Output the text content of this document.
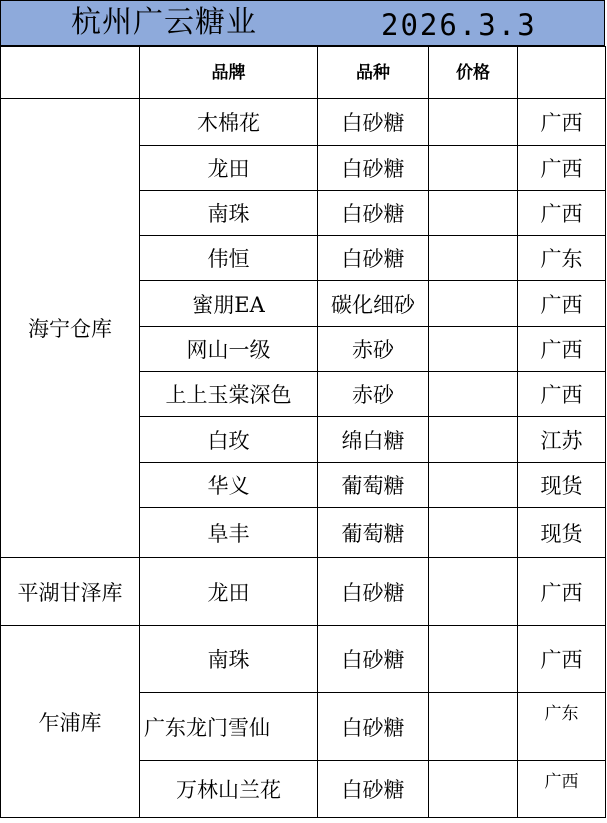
杭州广云糖业	2026.3.3
	品牌	品种	价格	
海宁仓库	木棉花	白砂糖		广西
	龙田	白砂糖		广西
	南珠	白砂糖		广西
	伟恒	白砂糖		广东
	蜜朋EA	碳化细砂		广西
	网山一级	赤砂		广西
	上上玉棠深色	赤砂		广西
	白玫	绵白糖		江苏
	华义	葡萄糖		现货
	阜丰	葡萄糖		现货
平湖甘泽库	龙田	白砂糖		广西
乍浦库	南珠	白砂糖		广西
	广东龙门雪仙	白砂糖		广东
	万林山兰花	白砂糖		广西
